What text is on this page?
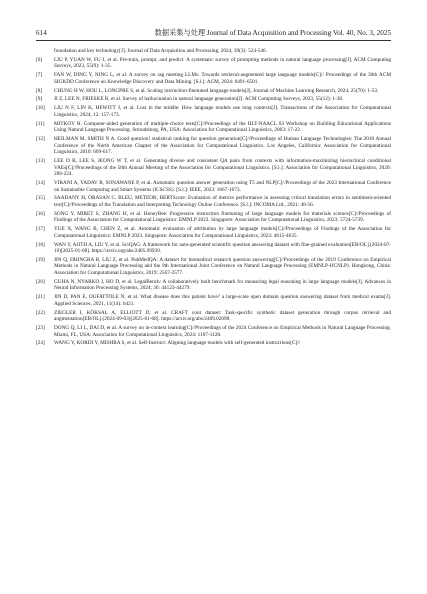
614	数据采集与处理 Journal of Data Acquisition and Processing Vol. 40, No. 3, 2025
foundation and key technology[J]. Journal of Data Acquisition and Processing, 2024, 39(3): 524-546.
[6]	LIU P, YUAN W, FU J, et al. Pre-train, prompt, and predict: A systematic survey of prompting methods in natural language processing[J]. ACM Computing Surveys, 2023, 55(9): 1-35.
[7]	FAN W, DING Y, NING L, et al. A survey on rag meeting LLMs: Towards retrieval-augmented large language models[C]// Proceedings of the 30th ACM SIGKDD Conference on Knowledge Discovery and Data Mining. [S.l.]: ACM, 2024: 6491-6501.
[8]	CHUNG H W, HOU L, LONGPRE S, et al. Scaling instruction-finetuned language models[J]. Journal of Machine Learning Research, 2024, 25(70): 1-53.
[9]	JI Z, LEE N, FRIESKE R, et al. Survey of hallucination in natural language generation[J]. ACM Computing Surveys, 2023, 55(12): 1-38.
[10]	LIU N F, LIN K, HEWITT J, et al. Lost in the middle: How language models use long contexts[J]. Transactions of the Association for Computational Linguistics, 2024, 12: 157-173.
[11]	MITKOV R. Computer-aided generation of multiple-choice tests[C]//Proceedings of the HLT-NAACL 03 Workshop on Building Educational Applications Using Natural Language Processing. Stroudsburg, PA, USA: Association for Computational Linguistics, 2003: 17-22.
[12]	HEILMAN M, SMITH N A. Good question! statistical ranking for question generation[C]//Proceedings of Human Language Technologies: The 2010 Annual Conference of the North American Chapter of the Association for Computational Linguistics. Los Angeles, California: Association for Computational Linguistics, 2010: 609-617.
[13]	LEE D B, LEE S, JEONG W T, et al. Generating diverse and consistent QA pairs from contexts with information-maximizing hierarchical conditional VAEs[C]//Proceedings of the 58th Annual Meeting of the Association for Computational Linguistics. [S.l.]: Association for Computational Linguistics, 2020: 208-224.
[14]	VIRANI A, YADAV R, SONAWANE P, et al. Automatic question answer generation using T5 and NLP[C]//Proceedings of the 2023 International Conference on Sustainable Computing and Smart Systems (ICSCSS). [S.l.]: IEEE, 2023: 1667-1673.
[15]	SAADANY H, ORASAN C. BLEU, METEOR, BERTScore: Evaluation of metrics performance in assessing critical translation errors in sentiment-oriented text[C]//Proceedings of the Translation and Interpreting Technology Online Conference. [S.l.]: INCOMA Ltd., 2021: 48-56.
[16]	SONG Y, MIRET S, ZHANG H, et al. HoneyBee: Progressive instruction finetuning of large language models for materials science[C]//Proceedings of Findings of the Association for Computational Linguistics: EMNLP 2023. Singapore: Association for Computational Linguistics, 2023: 5724-5739.
[17]	YUE X, WANG B, CHEN Z, et al. Automatic evaluation of attribution by large language models[C]//Proceedings of Findings of the Association for Computational Linguistics: EMNLP 2023. Singapore: Association for Computational Linguistics, 2023: 4615-4635.
[18]	WAN Y, AJITH A, LIU Y, et al. SciQAG: A framework for auto-generated scientific question answering dataset with fine-grained evaluation[EB/OL].(2024-07-10)[2025-01-08]. https://arxiv.org/abs/2405.09939.
[19]	JIN Q, DHINGRA B, LIU Z, et al. PubMedQA: A dataset for biomedical research question answering[C]//Proceedings of the 2019 Conference on Empirical Methods in Natural Language Processing and the 9th International Joint Conference on Natural Language Processing (EMNLP-IJCNLP). Hongkong, China: Association for Computational Linguistics, 2019: 2567-2577.
[20]	GUHA N, NYARKO J, HO D, et al. LegalBench: A collaboratively built benchmark for measuring legal reasoning in large language models[J]. Advances in Neural Information Processing Systems, 2024, 36: 44123-44279.
[21]	JIN D, PAN E, OUFATTOLE N, et al. What disease does this patient have? a large-scale open domain question answering dataset from medical exams[J]. Applied Sciences, 2021, 11(14): 6421.
[22]	ZIEGLER I, KÖKSAL A, ELLIOTT D, et al. CRAFT your dataset: Task-specific synthetic dataset generation through corpus retrieval and augmentation[EB/OL].(2024-09-03)[2025-01-08]. https://arxiv.org/abs/2409.02098.
[23]	DONG Q, LI L, DAI D, et al. A survey on in-context learning[C]//Proceedings of the 2024 Conference on Empirical Methods in Natural Language Processing. Miami, FL, USA: Association for Computational Linguistics, 2024: 1107-1128.
[24]	WANG Y, KORDI Y, MISHRA S, et al. Self-Instruct: Aligning language models with self-generated instructions[C]//
